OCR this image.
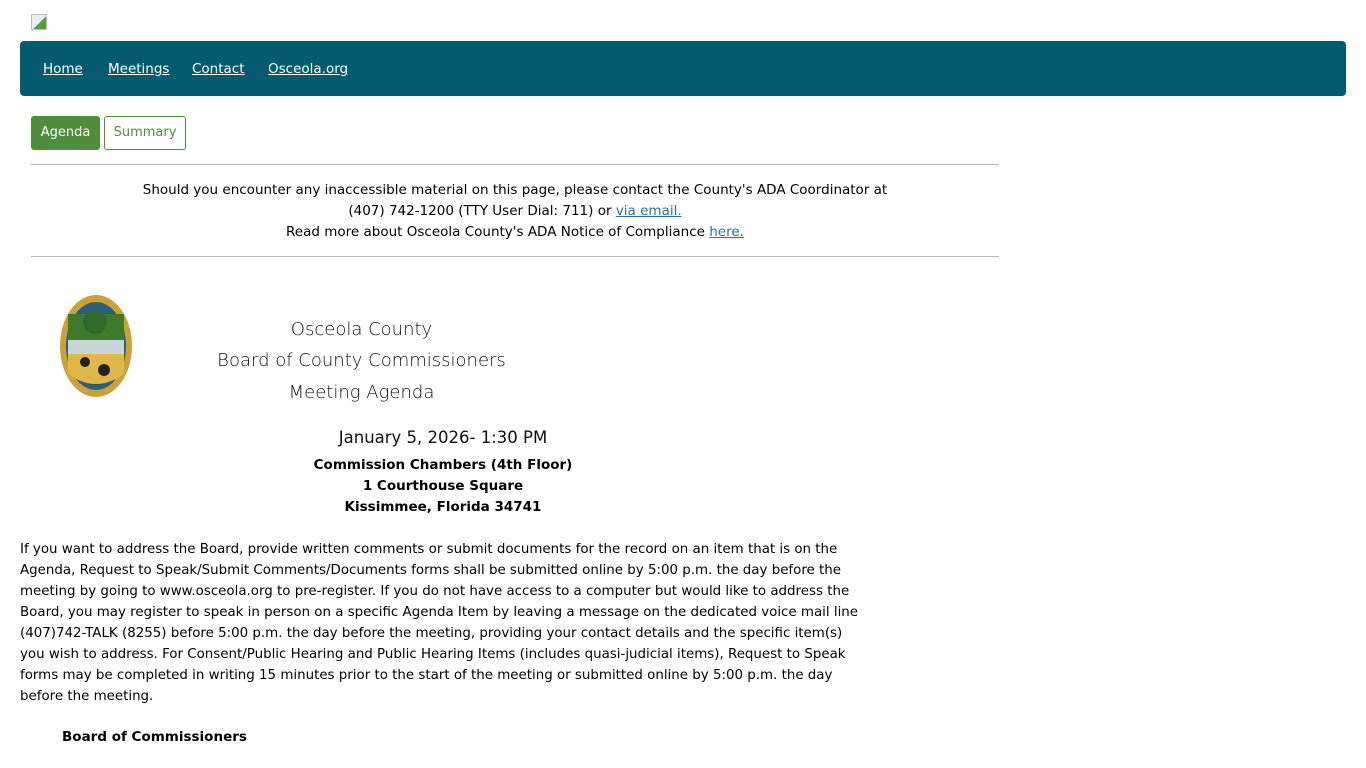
Home Meetings Contact Osceola.org
Agenda	Summary
Should you encounter any inaccessible material on this page, please contact the County's ADA Coordinator at
(407) 742-1200 (TTY User Dial: 711) or via email.
Read more about Osceola County's ADA Notice of Compliance here.
Osceola County
Board of County Commissioners
Meeting Agenda
January 5, 2026- 1:30 PM
Commission Chambers (4th Floor)
1 Courthouse Square
Kissimmee, Florida 34741
If you want to address the Board, provide written comments or submit documents for the record on an item that is on the Agenda, Request to Speak/Submit Comments/Documents forms shall be submitted online by 5:00 p.m. the day before the meeting by going to www.osceola.org to pre-register. If you do not have access to a computer but would like to address the Board, you may register to speak in person on a specific Agenda Item by leaving a message on the dedicated voice mail line (407)742-TALK (8255) before 5:00 p.m. the day before the meeting, providing your contact details and the specific item(s) you wish to address. For Consent/Public Hearing and Public Hearing Items (includes quasi-judicial items), Request to Speak forms may be completed in writing 15 minutes prior to the start of the meeting or submitted online by 5:00 p.m. the day before the meeting.
Board of Commissioners
